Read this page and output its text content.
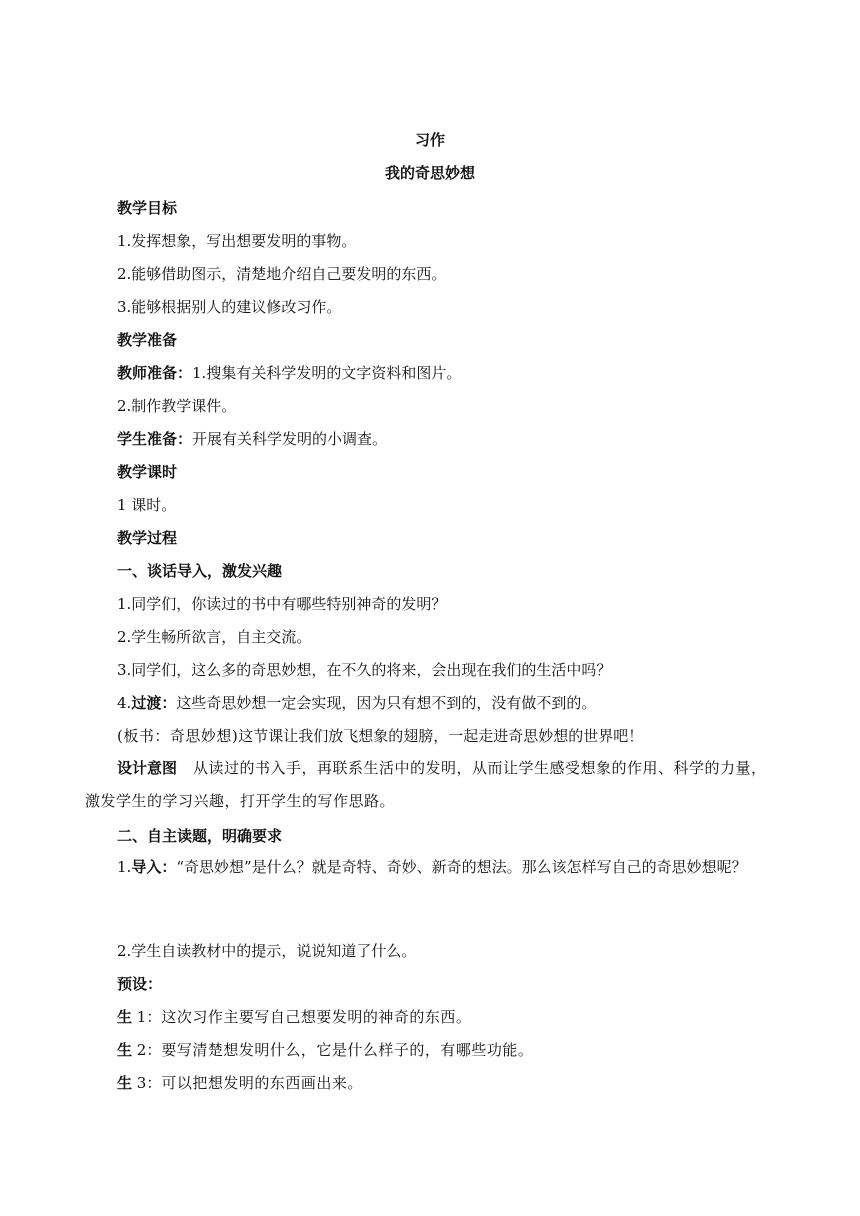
习作
我的奇思妙想
教学目标
1.发挥想象，写出想要发明的事物。
2.能够借助图示，清楚地介绍自己要发明的东西。
3.能够根据别人的建议修改习作。
教学准备
教师准备：1.搜集有关科学发明的文字资料和图片。
2.制作教学课件。
学生准备：开展有关科学发明的小调查。
教学课时
1 课时。
教学过程
一、谈话导入，激发兴趣
1.同学们，你读过的书中有哪些特别神奇的发明？
2.学生畅所欲言，自主交流。
3.同学们，这么多的奇思妙想，在不久的将来，会出现在我们的生活中吗？
4.过渡：这些奇思妙想一定会实现，因为只有想不到的，没有做不到的。
(板书：奇思妙想)这节课让我们放飞想象的翅膀，一起走进奇思妙想的世界吧！
设计意图 从读过的书入手，再联系生活中的发明，从而让学生感受想象的作用、科学的力量，激发学生的学习兴趣，打开学生的写作思路。
二、自主读题，明确要求
1.导入：“奇思妙想”是什么？就是奇特、奇妙、新奇的想法。那么该怎样写自己的奇思妙想呢？
2.学生自读教材中的提示，说说知道了什么。
预设：
生 1：这次习作主要写自己想要发明的神奇的东西。
生 2：要写清楚想发明什么，它是什么样子的，有哪些功能。
生 3：可以把想发明的东西画出来。
